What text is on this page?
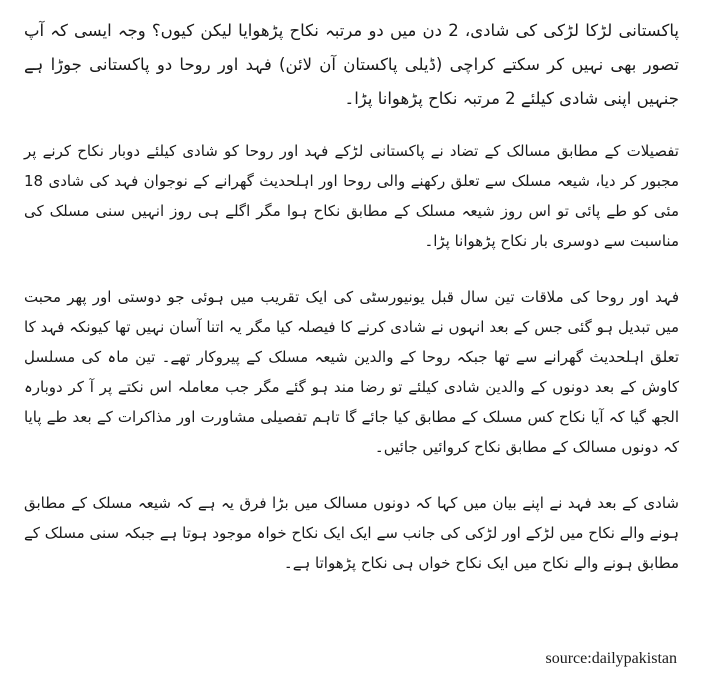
پاکستانی لڑکا لڑکی کی شادی، 2 دن میں دو مرتبہ نکاح پڑھوایا لیکن کیوں؟ وجہ ایسی کہ آپ تصور بھی نہیں کر سکتے کراچی (ڈیلی پاکستان آن لائن) فہد اور روحا دو پاکستانی جوڑا ہے جنہیں اپنی شادی کیلئے 2 مرتبہ نکاح پڑھوانا پڑا۔

تفصیلات کے مطابق مسالک کے تضاد نے پاکستانی لڑکے فہد اور روحا کو شادی کیلئے دوبار نکاح کرنے پر مجبور کر دیا، شیعہ مسلک سے تعلق رکھنے والی روحا اور اہلحدیث گھرانے کے نوجوان فہد کی شادی 18 مئی کو طے پائی تو اس روز شیعہ مسلک کے مطابق نکاح ہوا مگر اگلے ہی روز انہیں سنی مسلک کی مناسبت سے دوسری بار نکاح پڑھوانا پڑا۔

فہد اور روحا کی ملاقات تین سال قبل یونیورسٹی کی ایک تقریب میں ہوئی جو دوستی اور پھر محبت میں تبدیل ہو گئی جس کے بعد انہوں نے شادی کرنے کا فیصلہ کیا مگر یہ اتنا آسان نہیں تھا کیونکہ فہد کا تعلق اہلحدیث گھرانے سے تھا جبکہ روحا کے والدین شیعہ مسلک کے پیروکار تھے۔ تین ماہ کی مسلسل کاوش کے بعد دونوں کے والدین شادی کیلئے تو رضا مند ہو گئے مگر جب معاملہ اس نکتے پر آ کر دوبارہ الجھ گیا کہ آیا نکاح کس مسلک کے مطابق کیا جائے گا تاہم تفصیلی مشاورت اور مذاکرات کے بعد طے پایا کہ دونوں مسالک کے مطابق نکاح کروائیں جائیں۔

شادی کے بعد فہد نے اپنے بیان میں کہا کہ دونوں مسالک میں بڑا فرق یہ ہے کہ شیعہ مسلک کے مطابق ہونے والے نکاح میں لڑکے اور لڑکی کی جانب سے ایک ایک نکاح خواہ موجود ہوتا ہے جبکہ سنی مسلک کے مطابق ہونے والے نکاح میں ایک نکاح خواں ہی نکاح پڑھواتا ہے۔

source:dailypakistan
